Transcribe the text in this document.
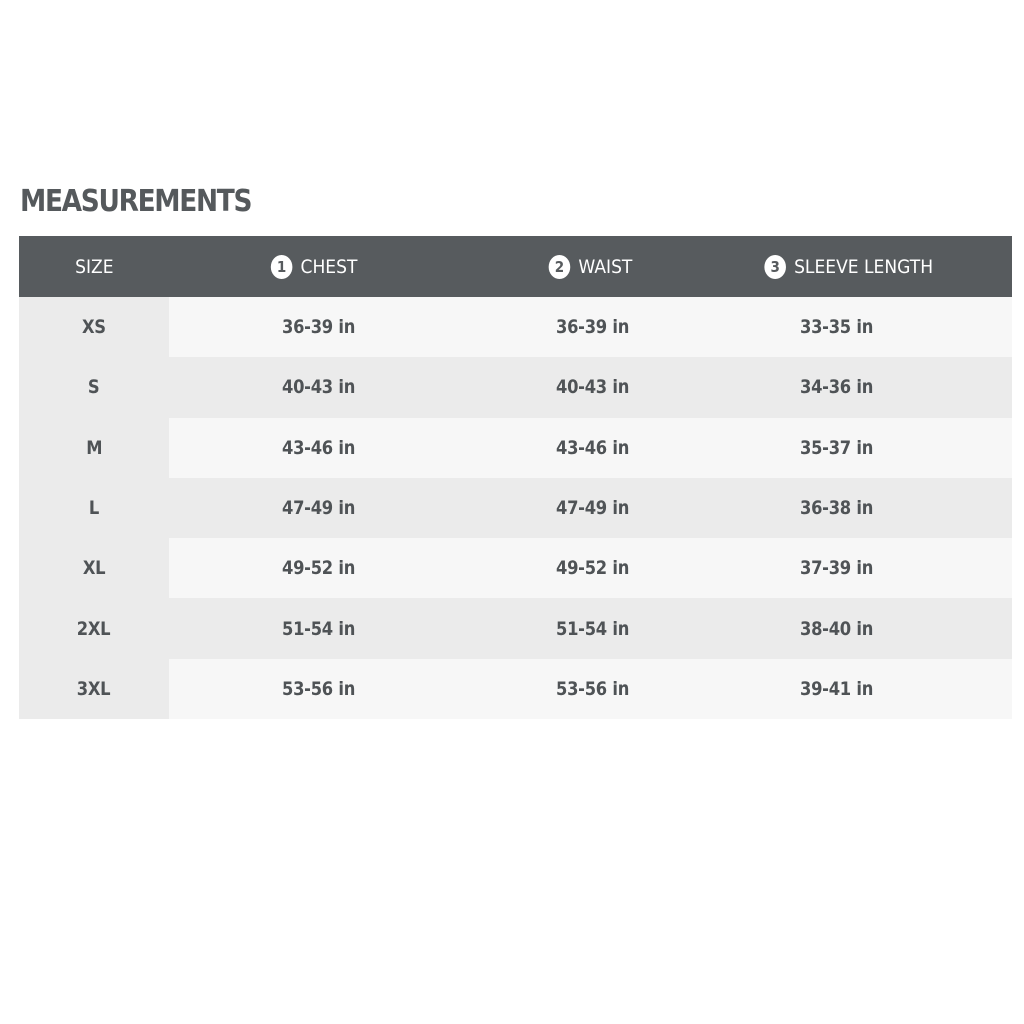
MEASUREMENTS
SIZE	1 CHEST	2 WAIST	3 SLEEVE LENGTH

XS	36-39 in	36-39 in	33-35 in
S	40-43 in	40-43 in	34-36 in
M	43-46 in	43-46 in	35-37 in
L	47-49 in	47-49 in	36-38 in
XL	49-52 in	49-52 in	37-39 in
2XL	51-54 in	51-54 in	38-40 in
3XL	53-56 in	53-56 in	39-41 in
